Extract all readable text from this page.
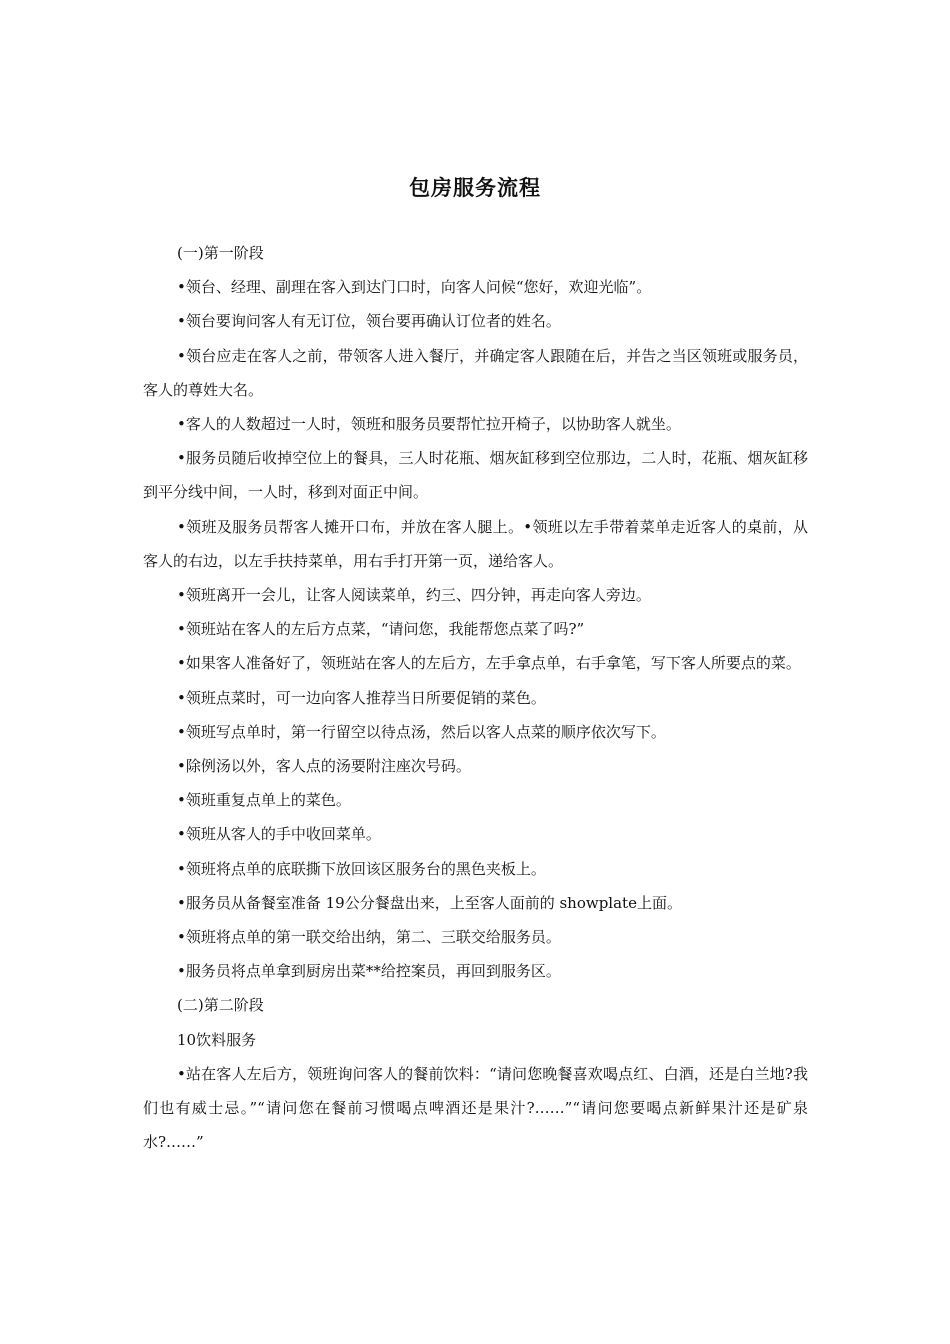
包房服务流程

(一)第一阶段

•领台、经理、副理在客入到达门口时，向客人问候“您好，欢迎光临”。

•领台要询问客人有无订位，领台要再确认订位者的姓名。

•领台应走在客人之前，带领客人进入餐厅，并确定客人跟随在后，并告之当区领班或服务员，客人的尊姓大名。

•客人的人数超过一人时，领班和服务员要帮忙拉开椅子，以协助客人就坐。

•服务员随后收掉空位上的餐具，三人时花瓶、烟灰缸移到空位那边，二人时，花瓶、烟灰缸移到平分线中间，一人时，移到对面正中间。

•领班及服务员帮客人摊开口布，并放在客人腿上。•领班以左手带着菜单走近客人的桌前，从客人的右边，以左手扶持菜单，用右手打开第一页，递给客人。

•领班离开一会儿，让客人阅读菜单，约三、四分钟，再走向客人旁边。

•领班站在客人的左后方点菜，“请问您，我能帮您点菜了吗?”

•如果客人准备好了，领班站在客人的左后方，左手拿点单，右手拿笔，写下客人所要点的菜。

•领班点菜时，可一边向客人推荐当日所要促销的菜色。

•领班写点单时，第一行留空以待点汤，然后以客人点菜的顺序依次写下。

•除例汤以外，客人点的汤要附注座次号码。

•领班重复点单上的菜色。

•领班从客人的手中收回菜单。

•领班将点单的底联撕下放回该区服务台的黑色夹板上。

•服务员从备餐室准备 19公分餐盘出来，上至客人面前的 showplate上面。

•领班将点单的第一联交给出纳，第二、三联交给服务员。

•服务员将点单拿到厨房出菜**给控案员，再回到服务区。

(二)第二阶段

10饮料服务

•站在客人左后方，领班询问客人的餐前饮料：“请问您晚餐喜欢喝点红、白酒，还是白兰地?我们也有威士忌。”“请问您在餐前习惯喝点啤酒还是果汁?……”“请问您要喝点新鲜果汁还是矿泉水?……”
